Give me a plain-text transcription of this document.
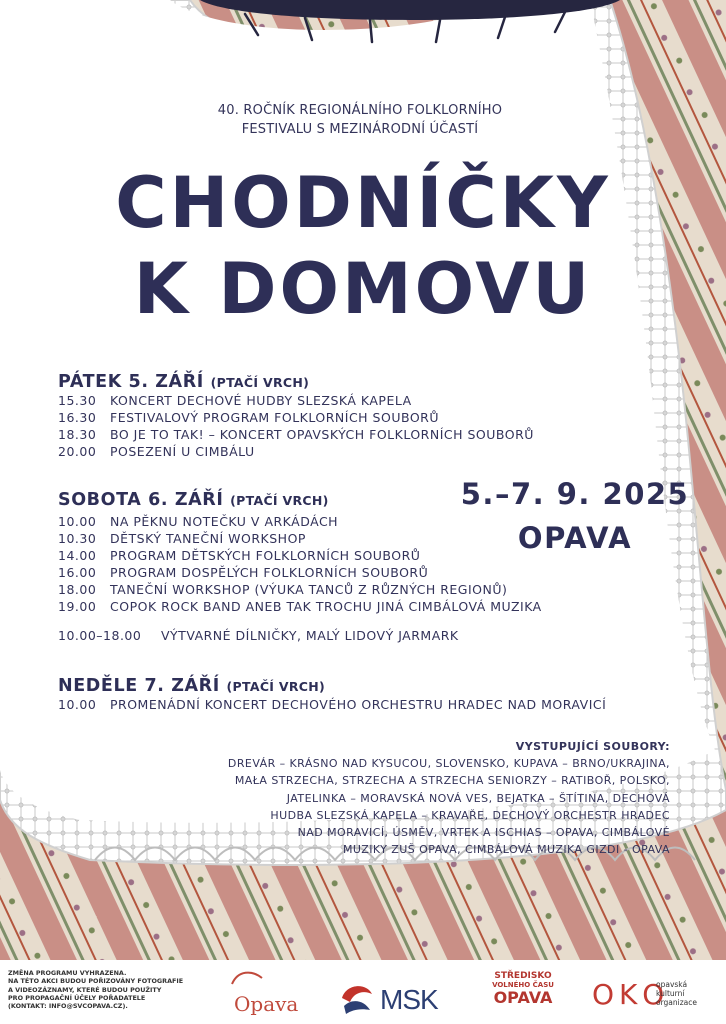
40. ROČNÍK REGIONÁLNÍHO FOLKLORNÍHO
FESTIVALU S MEZINÁRODNÍ ÚČASTÍ
CHODNÍČKY
K DOMOVU
PÁTEK 5. ZÁŘÍ (PTAČÍ VRCH)
15.30 KONCERT DECHOVÉ HUDBY SLEZSKÁ KAPELA
16.30 FESTIVALOVÝ PROGRAM FOLKLORNÍCH SOUBORŮ
18.30 BO JE TO TAK! – KONCERT OPAVSKÝCH FOLKLORNÍCH SOUBORŮ
20.00 POSEZENÍ U CIMBÁLU
SOBOTA 6. ZÁŘÍ (PTAČÍ VRCH)
10.00 NA PĚKNU NOTEČKU V ARKÁDÁCH
10.30 DĚTSKÝ TANEČNÍ WORKSHOP
14.00 PROGRAM DĚTSKÝCH FOLKLORNÍCH SOUBORŮ
16.00 PROGRAM DOSPĚLÝCH FOLKLORNÍCH SOUBORŮ
18.00 TANEČNÍ WORKSHOP (VÝUKA TANCŮ Z RŮZNÝCH REGIONŮ)
19.00 COPOK ROCK BAND ANEB TAK TROCHU JINÁ CIMBÁLOVÁ MUZIKA
10.00–18.00 VÝTVARNÉ DÍLNIČKY, MALÝ LIDOVÝ JARMARK
NEDĚLE 7. ZÁŘÍ (PTAČÍ VRCH)
10.00 PROMENÁDNÍ KONCERT DECHOVÉHO ORCHESTRU HRADEC NAD MORAVICÍ
5.–7. 9. 2025
OPAVA
VYSTUPUJÍCÍ SOUBORY:
DREVÁR – KRÁSNO NAD KYSUCOU, SLOVENSKO, KUPAVA – BRNO/UKRAJINA,
MAŁA STRZECHA, STRZECHA A STRZECHA SENIORZY – RATIBOŘ, POLSKO,
JATELINKA – MORAVSKÁ NOVÁ VES, BEJATKA – ŠTÍTINA, DECHOVÁ
HUDBA SLEZSKÁ KAPELA – KRAVAŘE, DECHOVÝ ORCHESTR HRADEC
NAD MORAVICÍ, ÚSMĚV, VRTEK A ISCHIAS – OPAVA, CIMBÁLOVÉ
MUZIKY ZUŠ OPAVA, CIMBÁLOVÁ MUZIKA GIZDI - OPAVA
ZMĚNA PROGRAMU VYHRAZENA.
NA TÉTO AKCI BUDOU POŘIZOVÁNY FOTOGRAFIE
A VIDEOZÁZNAMY, KTERÉ BUDOU POUŽITY
PRO PROPAGAČNÍ ÚČELY POŘADATELE
(KONTAKT: INFO@SVCOPAVA.CZ).	Opava	MSK
STŘEDISKO
VOLNÉHO ČASU
OPAVA	O K O
opavská
kulturní
organizace
